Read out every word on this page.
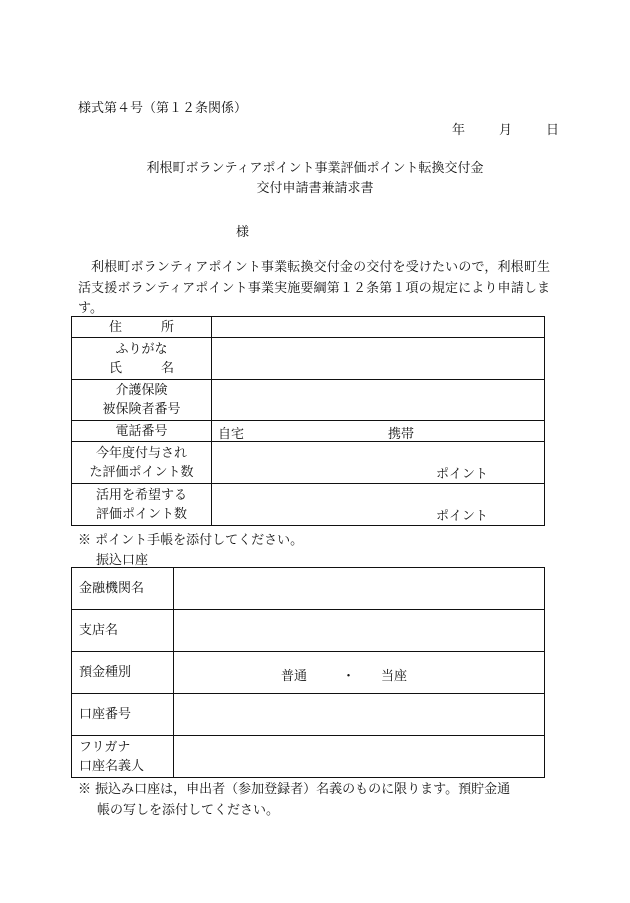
様式第４号（第１２条関係）
年	月	日
利根町ボランティアポイント事業評価ポイント転換交付金
交付申請書兼請求書
様
利根町ボランティアポイント事業転換交付金の交付を受けたいので，利根町生活支援ボランティアポイント事業実施要綱第１２条第１項の規定により申請します。
住　　　所	

ふりがな
氏　　　名	

介護保険
被保険者番号	

電話番号	自宅 携帯

今年度付与され
た評価ポイント数	ポイント

活用を希望する
評価ポイント数	ポイント
※ ポイント手帳を添付してください。
振込口座
金融機関名	
支店名	
預金種別	普通 ・ 当座

口座番号	

フリガナ
口座名義人	

※ 振込み口座は，申出者（参加登録者）名義のものに限ります。預貯金通
帳の写しを添付してください。
